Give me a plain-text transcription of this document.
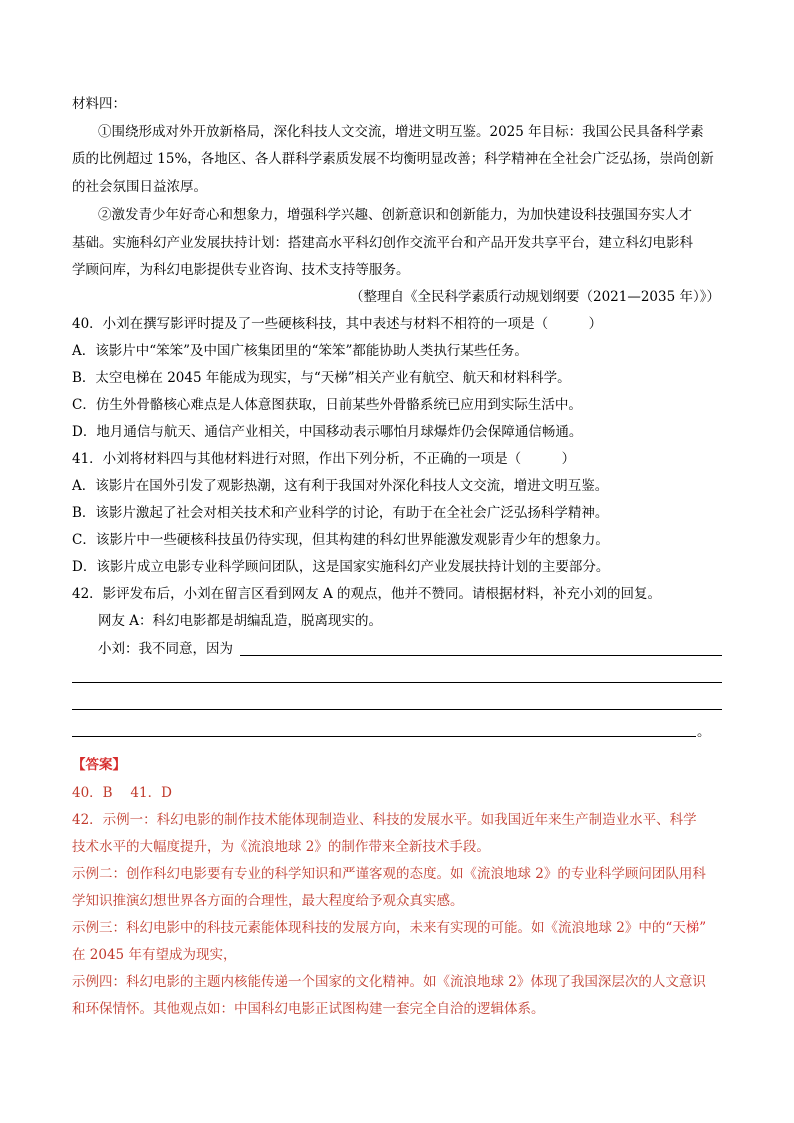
材料四：
①围绕形成对外开放新格局，深化科技人文交流，增进文明互鉴。2025 年目标：我国公民具备科学素
质的比例超过 15%，各地区、各人群科学素质发展不均衡明显改善；科学精神在全社会广泛弘扬，崇尚创新
的社会氛围日益浓厚。
②激发青少年好奇心和想象力，增强科学兴趣、创新意识和创新能力，为加快建设科技强国夯实人才
基础。实施科幻产业发展扶持计划：搭建高水平科幻创作交流平台和产品开发共享平台，建立科幻电影科
学顾问库，为科幻电影提供专业咨询、技术支持等服务。
（整理自《全民科学素质行动规划纲要（2021—2035 年）》）
40．小刘在撰写影评时提及了一些硬核科技，其中表述与材料不相符的一项是（　　　）
A．该影片中“笨笨”及中国广核集团里的“笨笨”都能协助人类执行某些任务。
B．太空电梯在 2045 年能成为现实，与“天梯”相关产业有航空、航天和材料科学。
C．仿生外骨骼核心难点是人体意图获取，日前某些外骨骼系统已应用到实际生活中。
D．地月通信与航天、通信产业相关，中国移动表示哪怕月球爆炸仍会保障通信畅通。
41．小刘将材料四与其他材料进行对照，作出下列分析，不正确的一项是（　　　）
A．该影片在国外引发了观影热潮，这有利于我国对外深化科技人文交流，增进文明互鉴。
B．该影片激起了社会对相关技术和产业科学的讨论，有助于在全社会广泛弘扬科学精神。
C．该影片中一些硬核科技虽仍待实现，但其构建的科幻世界能激发观影青少年的想象力。
D．该影片成立电影专业科学顾问团队，这是国家实施科幻产业发展扶持计划的主要部分。
42．影评发布后，小刘在留言区看到网友 A 的观点，他并不赞同。请根据材料，补充小刘的回复。
网友 A：科幻电影都是胡编乱造，脱离现实的。
小刘：我不同意，因为
。
【答案】
40．B　 41．D
42．示例一：科幻电影的制作技术能体现制造业、科技的发展水平。如我国近年来生产制造业水平、科学
技术水平的大幅度提升，为《流浪地球 2》的制作带来全新技术手段。
示例二：创作科幻电影要有专业的科学知识和严谨客观的态度。如《流浪地球 2》的专业科学顾问团队用科
学知识推演幻想世界各方面的合理性，最大程度给予观众真实感。
示例三：科幻电影中的科技元素能体现科技的发展方向，未来有实现的可能。如《流浪地球 2》中的“天梯”
在 2045 年有望成为现实，
示例四：科幻电影的主题内核能传递一个国家的文化精神。如《流浪地球 2》体现了我国深层次的人文意识
和环保情怀。其他观点如：中国科幻电影正试图构建一套完全自洽的逻辑体系。
